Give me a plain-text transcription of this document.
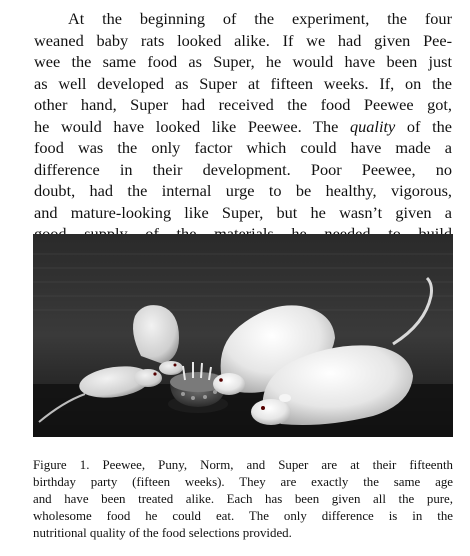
At the beginning of the experiment, the four
weaned baby rats looked alike. If we had given Pee-
wee the same food as Super, he would have been just
as well developed as Super at fifteen weeks. If, on the
other hand, Super had received the food Peewee got,
he would have looked like Peewee. The quality of the
food was the only factor which could have made a
difference in their development. Poor Peewee, no
doubt, had the internal urge to be healthy, vigorous,
and mature-looking like Super, but he wasn’t given a

Figure 1. Peewee, Puny, Norm, and Super are at their fifteenth
birthday party (fifteen weeks). They are exactly the same age
and have been treated alike. Each has been given all the pure,
wholesome food he could eat. The only difference is in the
nutritional quality of the food selections provided.
